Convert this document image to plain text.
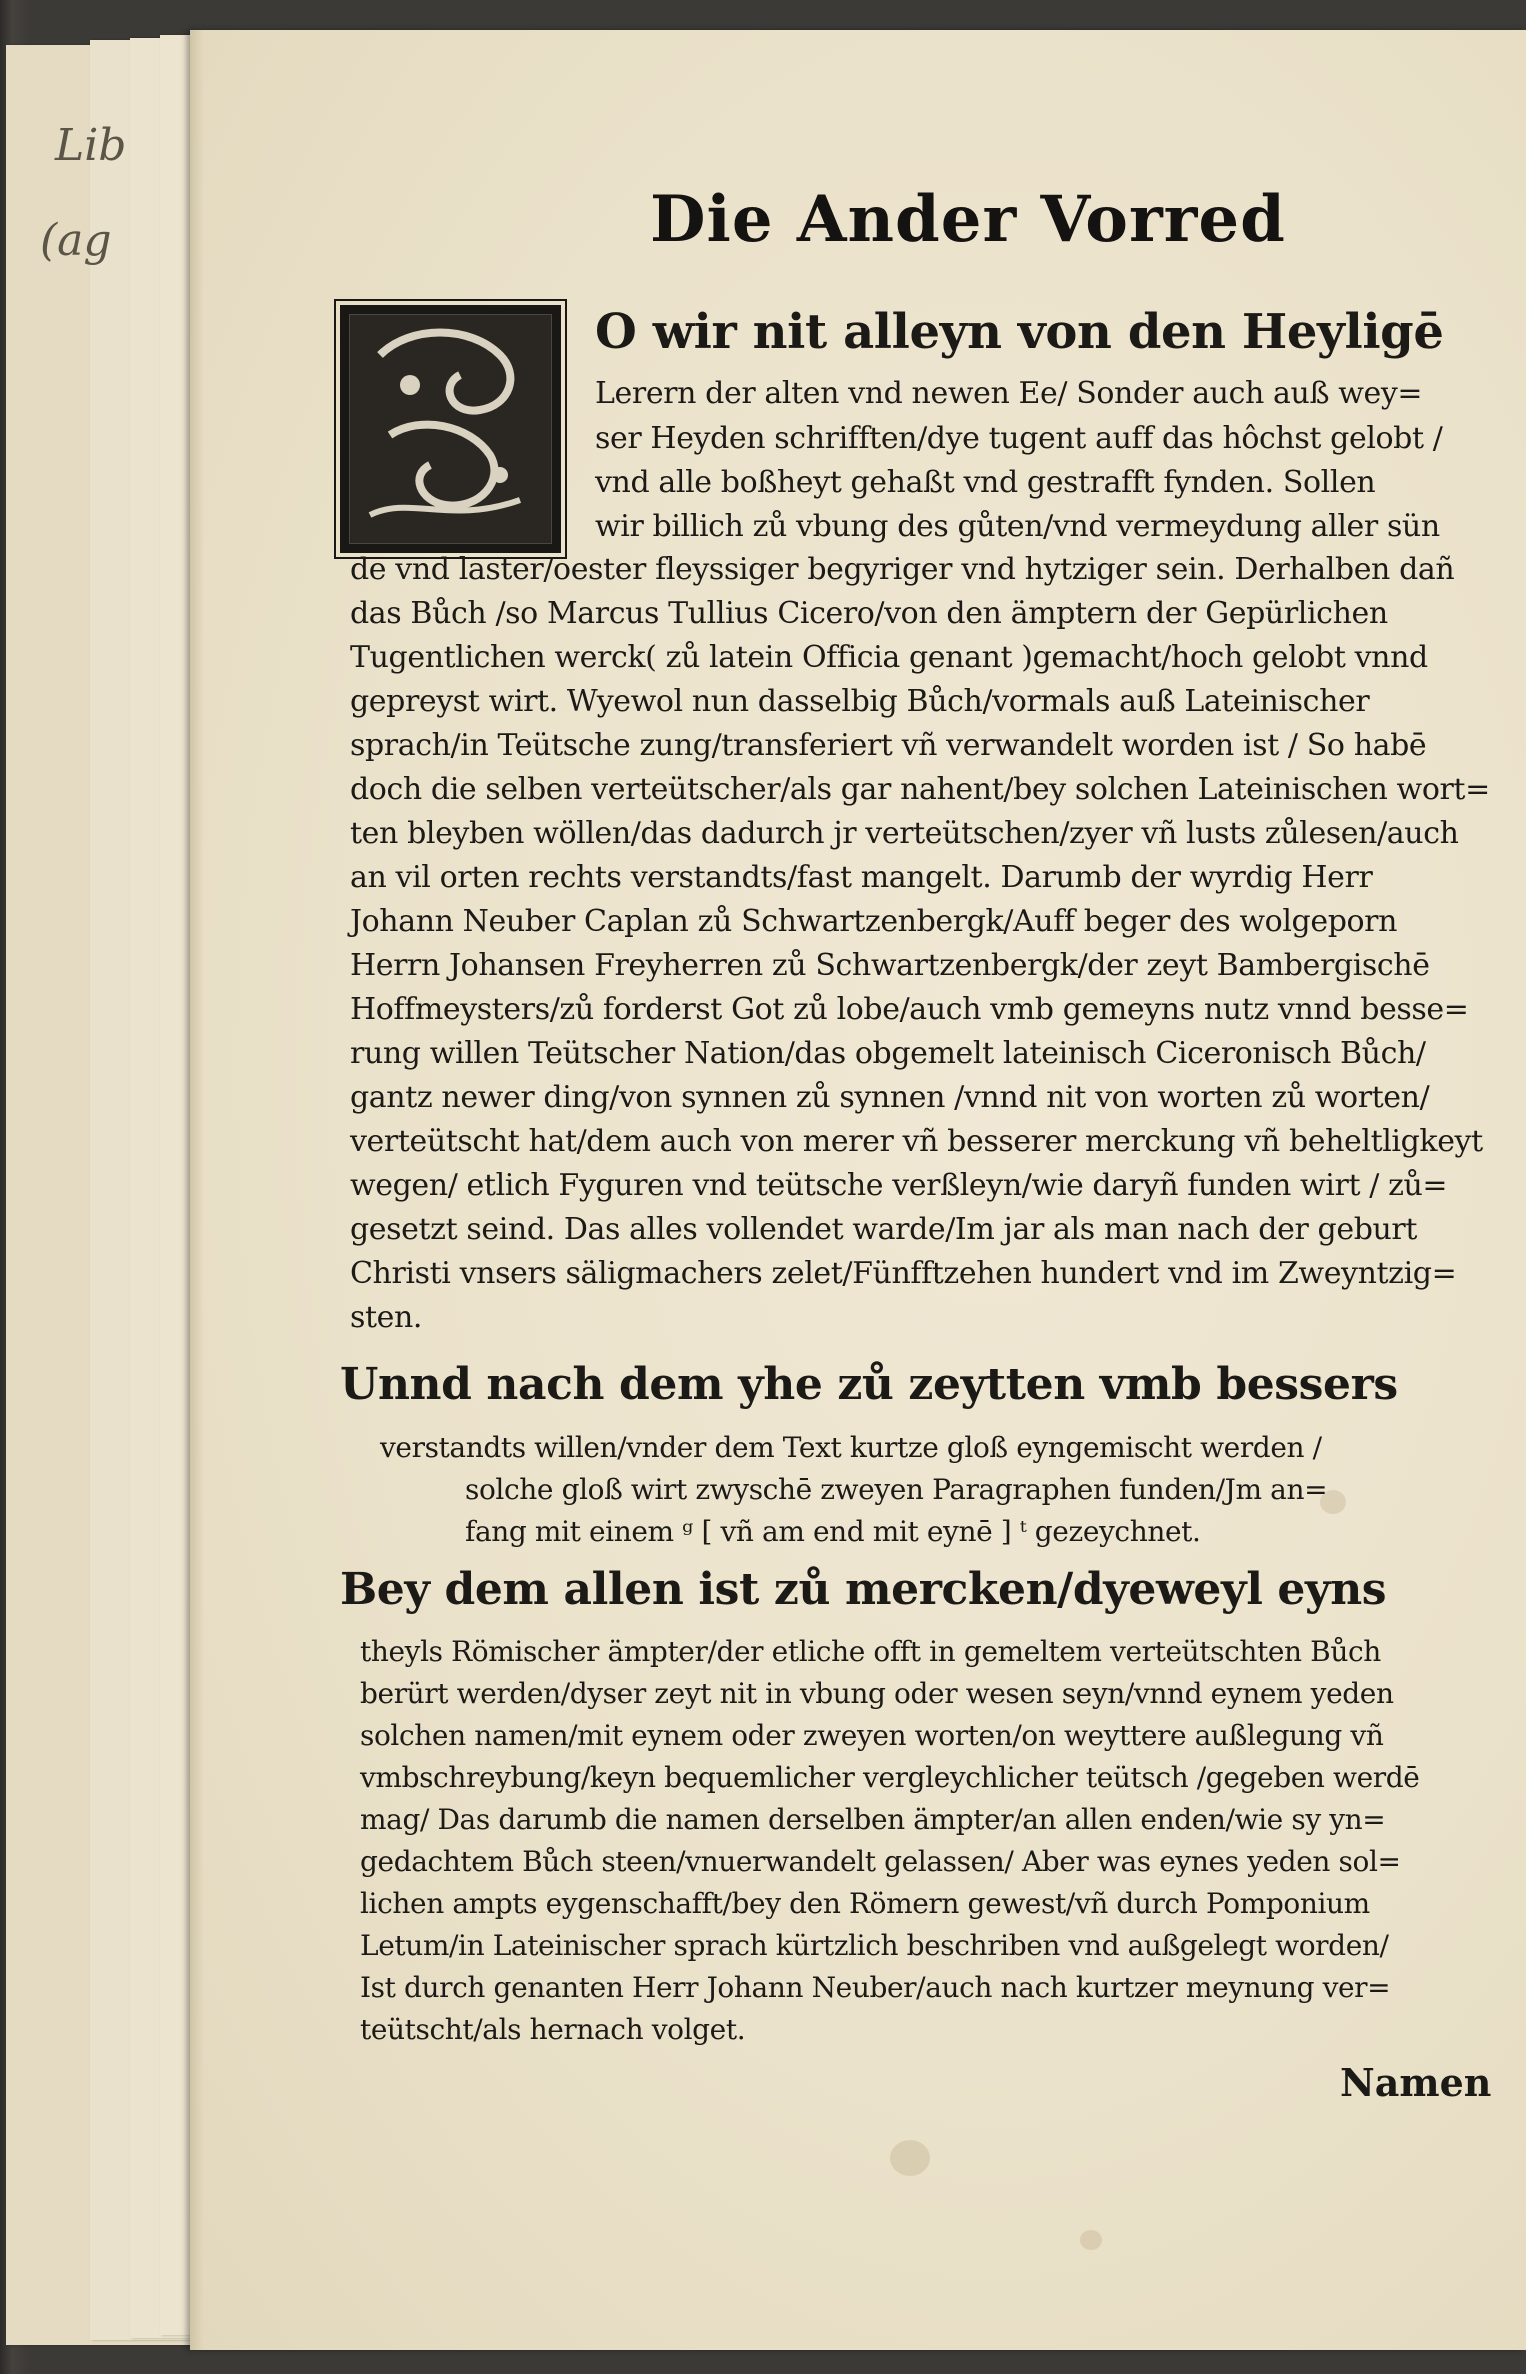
Lib
(ag	Die Ander Vorred
O wir nit alleyn von den Heyligē
Lerern der alten vnd newen Ee/ Sonder auch auß wey=
ser Heyden schrifften/dye tugent auff das hôchst gelobt /
vnd alle boßheyt gehaßt vnd gestrafft fynden. Sollen
wir billich zů vbung des gůten/vnd vermeydung aller sün
de vnd laster/oester fleyssiger begyriger vnd hytziger sein. Derhalben dañ
das Bůch /so Marcus Tullius Cicero/von den ämptern der Gepürlichen
Tugentlichen werck( zů latein Officia genant )gemacht/hoch gelobt vnnd
gepreyst wirt. Wyewol nun dasselbig Bůch/vormals auß Lateinischer
sprach/in Teütsche zung/transferiert vñ verwandelt worden ist / So habē
doch die selben verteütscher/als gar nahent/bey solchen Lateinischen wort=
ten bleyben wöllen/das dadurch jr verteütschen/zyer vñ lusts zůlesen/auch
an vil orten rechts verstandts/fast mangelt. Darumb der wyrdig Herr
Johann Neuber Caplan zů Schwartzenbergk/Auff beger des wolgeporn
Herrn Johansen Freyherren zů Schwartzenbergk/der zeyt Bambergischē
Hoffmeysters/zů forderst Got zů lobe/auch vmb gemeyns nutz vnnd besse=
rung willen Teütscher Nation/das obgemelt lateinisch Ciceronisch Bůch/
gantz newer ding/von synnen zů synnen /vnnd nit von worten zů worten/
verteütscht hat/dem auch von merer vñ besserer merckung vñ beheltligkeyt
wegen/ etlich Fyguren vnd teütsche verßleyn/wie daryñ funden wirt / zů=
gesetzt seind. Das alles vollendet warde/Im jar als man nach der geburt
Christi vnsers säligmachers zelet/Fünfftzehen hundert vnd im Zweyntzig=
sten.
Unnd nach dem yhe zů zeytten vmb bessers
verstandts willen/vnder dem Text kurtze gloß eyngemischt werden /
solche gloß wirt zwyschē zweyen Paragraphen funden/Jm an=
fang mit einem ᵍ [ vñ am end mit eynē ] ᵗ gezeychnet.
Bey dem allen ist zů mercken/dyeweyl eyns
theyls Römischer ämpter/der etliche offt in gemeltem verteütschten Bůch
berürt werden/dyser zeyt nit in vbung oder wesen seyn/vnnd eynem yeden
solchen namen/mit eynem oder zweyen worten/on weyttere außlegung vñ
vmbschreybung/keyn bequemlicher vergleychlicher teütsch /gegeben werdē
mag/ Das darumb die namen derselben ämpter/an allen enden/wie sy yn=
gedachtem Bůch steen/vnuerwandelt gelassen/ Aber was eynes yeden sol=
lichen ampts eygenschafft/bey den Römern gewest/vñ durch Pomponium
Letum/in Lateinischer sprach kürtzlich beschriben vnd außgelegt worden/
Ist durch genanten Herr Johann Neuber/auch nach kurtzer meynung ver=
teütscht/als hernach volget.
Namen
